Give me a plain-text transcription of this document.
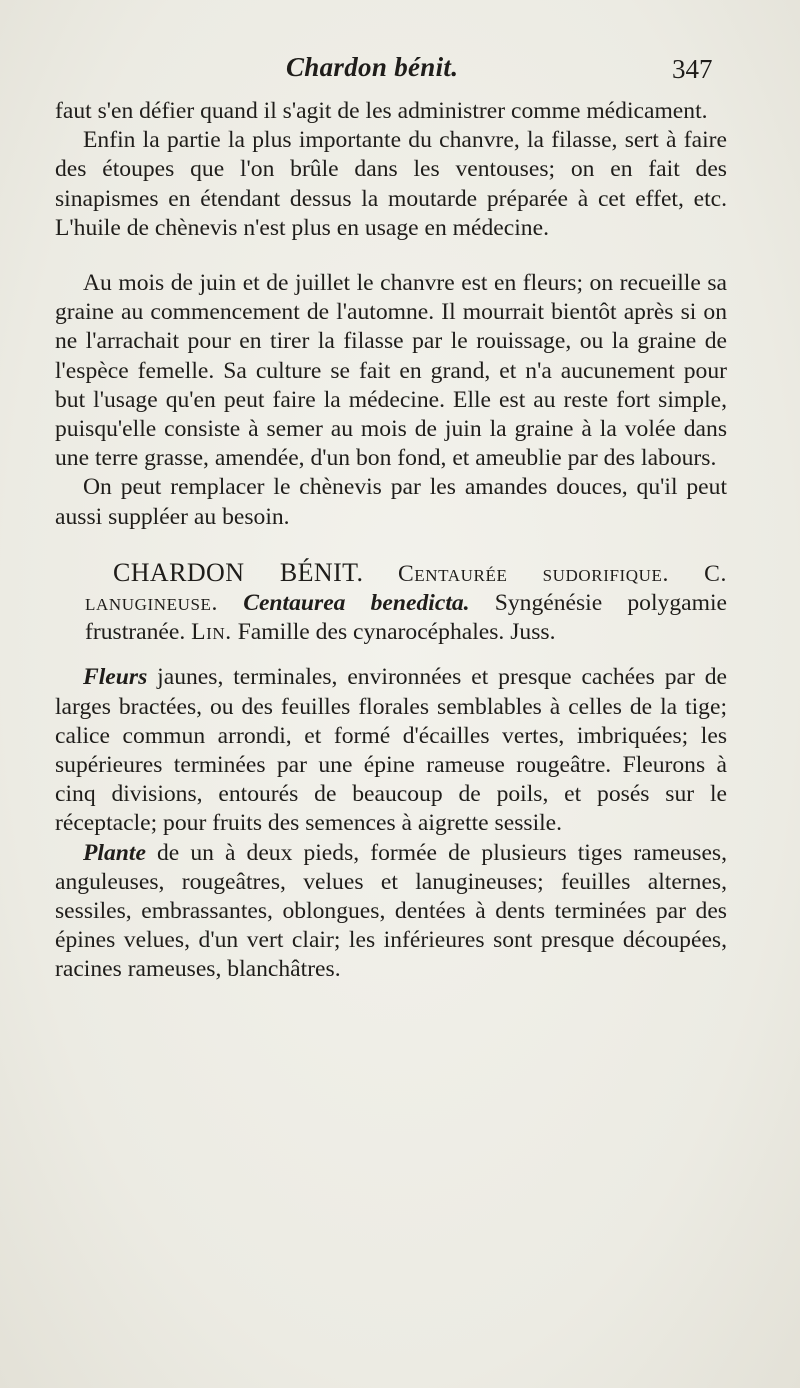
Chardon bénit.	347

faut s'en défier quand il s'agit de les administrer comme médicament.

Enfin la partie la plus importante du chanvre, la filasse, sert à faire des étoupes que l'on brûle dans les ventouses; on en fait des sinapismes en étendant dessus la moutarde préparée à cet effet, etc. L'huile de chènevis n'est plus en usage en médecine.

Au mois de juin et de juillet le chanvre est en fleurs; on recueille sa graine au commencement de l'automne. Il mourrait bientôt après si on ne l'arrachait pour en tirer la filasse par le rouissage, ou la graine de l'espèce femelle. Sa culture se fait en grand, et n'a aucunement pour but l'usage qu'en peut faire la médecine. Elle est au reste fort simple, puisqu'elle consiste à semer au mois de juin la graine à la volée dans une terre grasse, amendée, d'un bon fond, et ameublie par des labours.

On peut remplacer le chènevis par les amandes douces, qu'il peut aussi suppléer au besoin.

CHARDON BÉNIT. Centaurée sudorifique. C. lanugineuse. Centaurea benedicta. Syngénésie polygamie frustranée. Lin. Famille des cynarocéphales. Juss.

Fleurs jaunes, terminales, environnées et presque cachées par de larges bractées, ou des feuilles florales semblables à celles de la tige; calice commun arrondi, et formé d'écailles vertes, imbriquées; les supérieures terminées par une épine rameuse rougeâtre. Fleurons à cinq divisions, entourés de beaucoup de poils, et posés sur le réceptacle; pour fruits des semences à aigrette sessile.

Plante de un à deux pieds, formée de plusieurs tiges rameuses, anguleuses, rougeâtres, velues et lanugineuses; feuilles alternes, sessiles, embrassantes, oblongues, dentées à dents terminées par des épines velues, d'un vert clair; les inférieures sont presque découpées, racines rameuses, blanchâtres.
